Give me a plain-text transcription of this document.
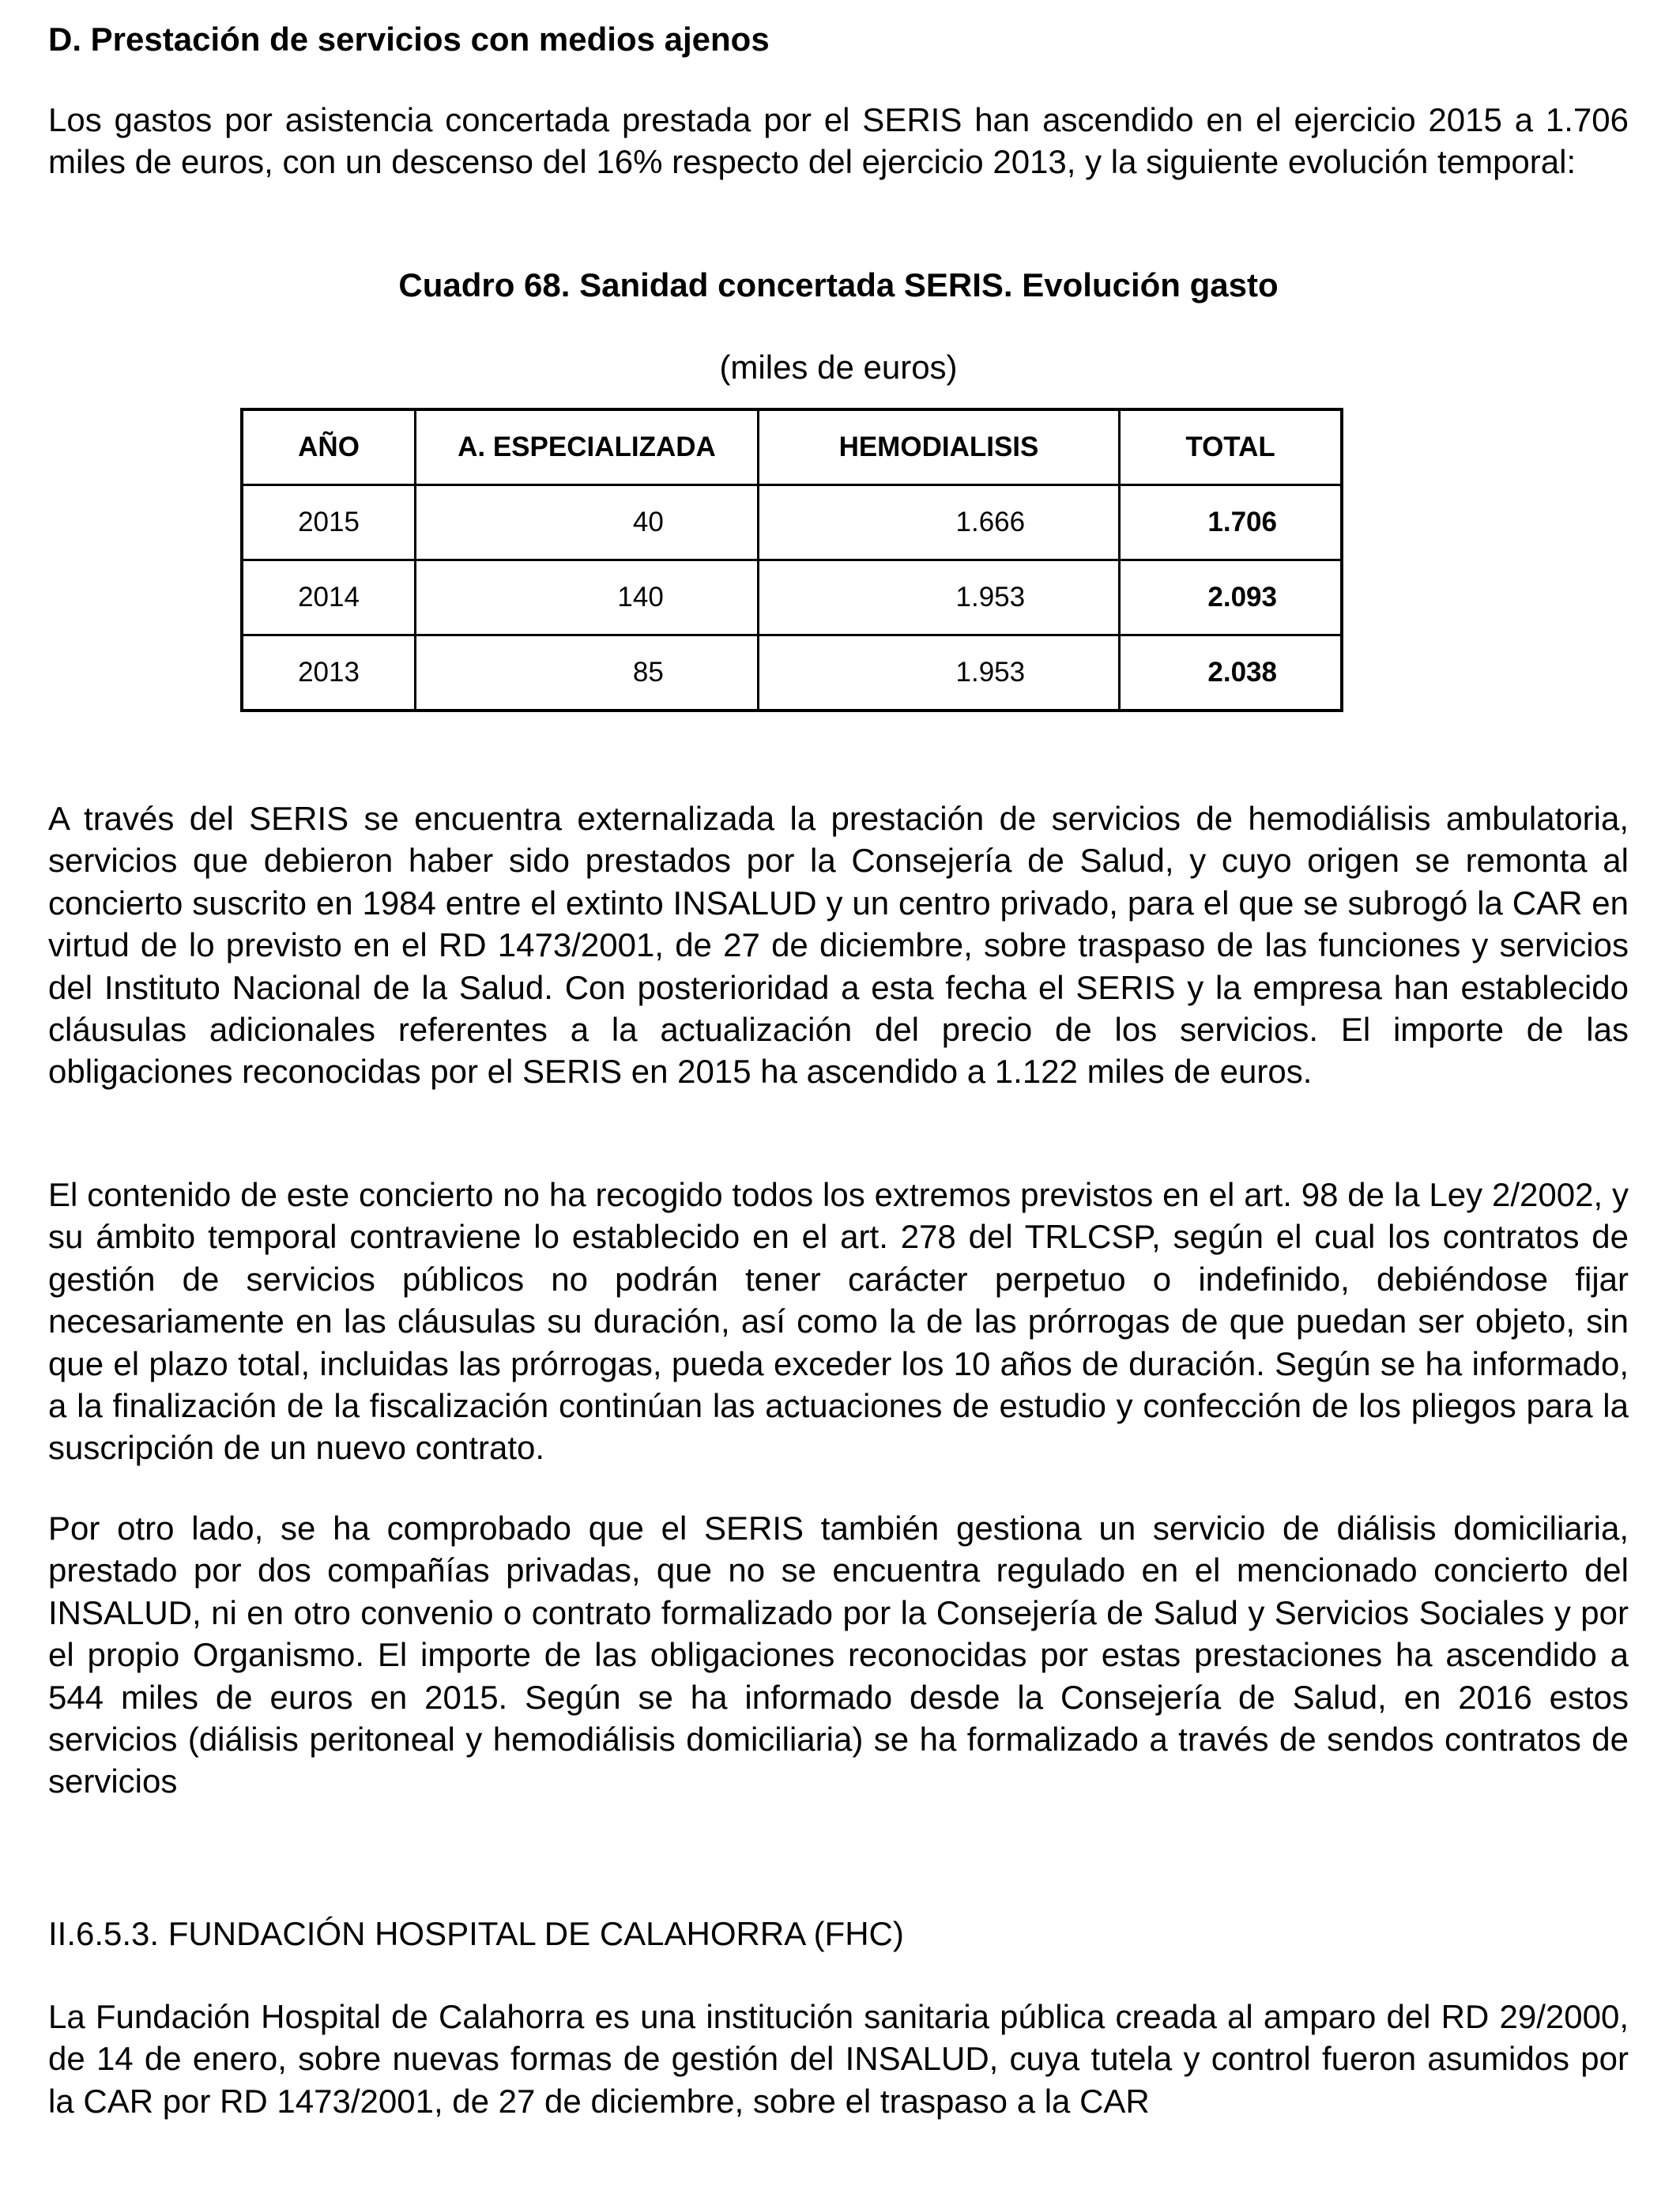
D. Prestación de servicios con medios ajenos
Los gastos por asistencia concertada prestada por el SERIS han ascendido en el ejercicio 2015 a 1.706 miles de euros, con un descenso del 16% respecto del ejercicio 2013, y la siguiente evolución temporal:
Cuadro 68. Sanidad concertada SERIS. Evolución gasto
(miles de euros)
AÑO	A. ESPECIALIZADA	HEMODIALISIS	TOTAL
2015	40	1.666	1.706
2014	140	1.953	2.093
2013	85	1.953	2.038
A través del SERIS se encuentra externalizada la prestación de servicios de hemodiálisis ambulatoria, servicios que debieron haber sido prestados por la Consejería de Salud, y cuyo origen se remonta al concierto suscrito en 1984 entre el extinto INSALUD y un centro privado, para el que se subrogó la CAR en virtud de lo previsto en el RD 1473/2001, de 27 de diciembre, sobre traspaso de las funciones y servicios del Instituto Nacional de la Salud. Con posterioridad a esta fecha el SERIS y la empresa han establecido cláusulas adicionales referentes a la actualización del precio de los servicios. El importe de las obligaciones reconocidas por el SERIS en 2015 ha ascendido a 1.122 miles de euros.
El contenido de este concierto no ha recogido todos los extremos previstos en el art. 98 de la Ley 2/2002, y su ámbito temporal contraviene lo establecido en el art. 278 del TRLCSP, según el cual los contratos de gestión de servicios públicos no podrán tener carácter perpetuo o indefinido, debiéndose fijar necesariamente en las cláusulas su duración, así como la de las prórrogas de que puedan ser objeto, sin que el plazo total, incluidas las prórrogas, pueda exceder los 10 años de duración. Según se ha informado, a la finalización de la fiscalización continúan las actuaciones de estudio y confección de los pliegos para la suscripción de un nuevo contrato.
Por otro lado, se ha comprobado que el SERIS también gestiona un servicio de diálisis domiciliaria, prestado por dos compañías privadas, que no se encuentra regulado en el mencionado concierto del INSALUD, ni en otro convenio o contrato formalizado por la Consejería de Salud y Servicios Sociales y por el propio Organismo. El importe de las obligaciones reconocidas por estas prestaciones ha ascendido a 544 miles de euros en 2015. Según se ha informado desde la Consejería de Salud, en 2016 estos servicios (diálisis peritoneal y hemodiálisis domiciliaria) se ha formalizado a través de sendos contratos de servicios
II.6.5.3. FUNDACIÓN HOSPITAL DE CALAHORRA (FHC)
La Fundación Hospital de Calahorra es una institución sanitaria pública creada al amparo del RD 29/2000, de 14 de enero, sobre nuevas formas de gestión del INSALUD, cuya tutela y control fueron asumidos por la CAR por RD 1473/2001, de 27 de diciembre, sobre el traspaso a la CAR
